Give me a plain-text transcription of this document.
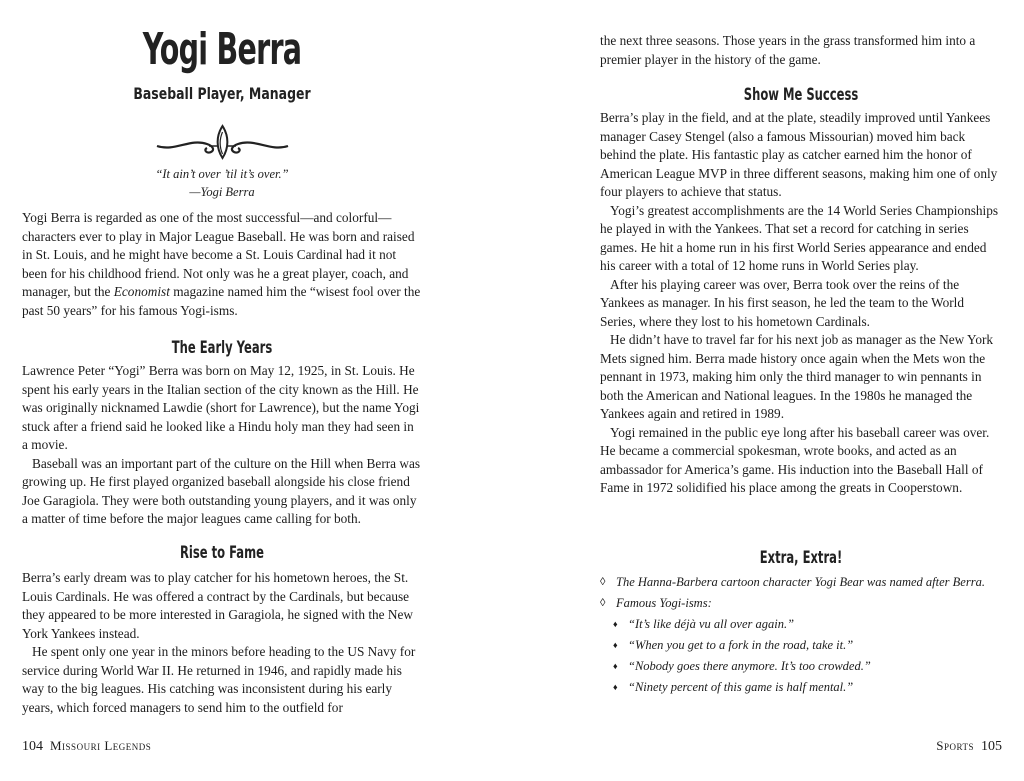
Yogi Berra
Baseball Player, Manager
“It ain’t over ’til it’s over.”
—Yogi Berra

Yogi Berra is regarded as one of the most successful—and colorful—characters ever to play in Major League Baseball. He was born and raised in St. Louis, and he might have become a St. Louis Cardinal had it not been for his childhood friend. Not only was he a great player, coach, and manager, but the Economist magazine named him the “wisest fool over the past 50 years” for his famous Yogi-isms.

The Early Years

Lawrence Peter “Yogi” Berra was born on May 12, 1925, in St. Louis. He spent his early years in the Italian section of the city known as the Hill. He was originally nicknamed Lawdie (short for Lawrence), but the name Yogi stuck after a friend said he looked like a Hindu holy man they had seen in a movie.

Baseball was an important part of the culture on the Hill when Berra was growing up. He first played organized baseball alongside his close friend Joe Garagiola. They were both outstanding young players, and it was only a matter of time before the major leagues came calling for both.

Rise to Fame

Berra’s early dream was to play catcher for his hometown heroes, the St. Louis Cardinals. He was offered a contract by the Cardinals, but because they appeared to be more interested in Garagiola, he signed with the New York Yankees instead.

He spent only one year in the minors before heading to the US Navy for service during World War II. He returned in 1946, and rapidly made his way to the big leagues. His catching was inconsistent during his early years, which forced managers to send him to the outfield for

104 Missouri Legends

the next three seasons. Those years in the grass transformed him into a premier player in the history of the game.

Show Me Success

Berra’s play in the field, and at the plate, steadily improved until Yankees manager Casey Stengel (also a famous Missourian) moved him back behind the plate. His fantastic play as catcher earned him the honor of American League MVP in three different seasons, making him one of only four players to achieve that status.

Yogi’s greatest accomplishments are the 14 World Series Championships he played in with the Yankees. That set a record for catching in series games. He hit a home run in his first World Series appearance and ended his career with a total of 12 home runs in World Series play.

After his playing career was over, Berra took over the reins of the Yankees as manager. In his first season, he led the team to the World Series, where they lost to his hometown Cardinals.

He didn’t have to travel far for his next job as manager as the New York Mets signed him. Berra made history once again when the Mets won the pennant in 1973, making him only the third manager to win pennants in both the American and National leagues. In the 1980s he managed the Yankees again and retired in 1989.

Yogi remained in the public eye long after his baseball career was over. He became a commercial spokesman, wrote books, and acted as an ambassador for America’s game. His induction into the Baseball Hall of Fame in 1972 solidified his place among the greats in Cooperstown.

Extra, Extra!
◊ The Hanna-Barbera cartoon character Yogi Bear was named after Berra.
◊ Famous Yogi-isms:
♦ “It’s like déjà vu all over again.”
♦ “When you get to a fork in the road, take it.”
♦ “Nobody goes there anymore. It’s too crowded.”
♦ “Ninety percent of this game is half mental.”
Sports 105
